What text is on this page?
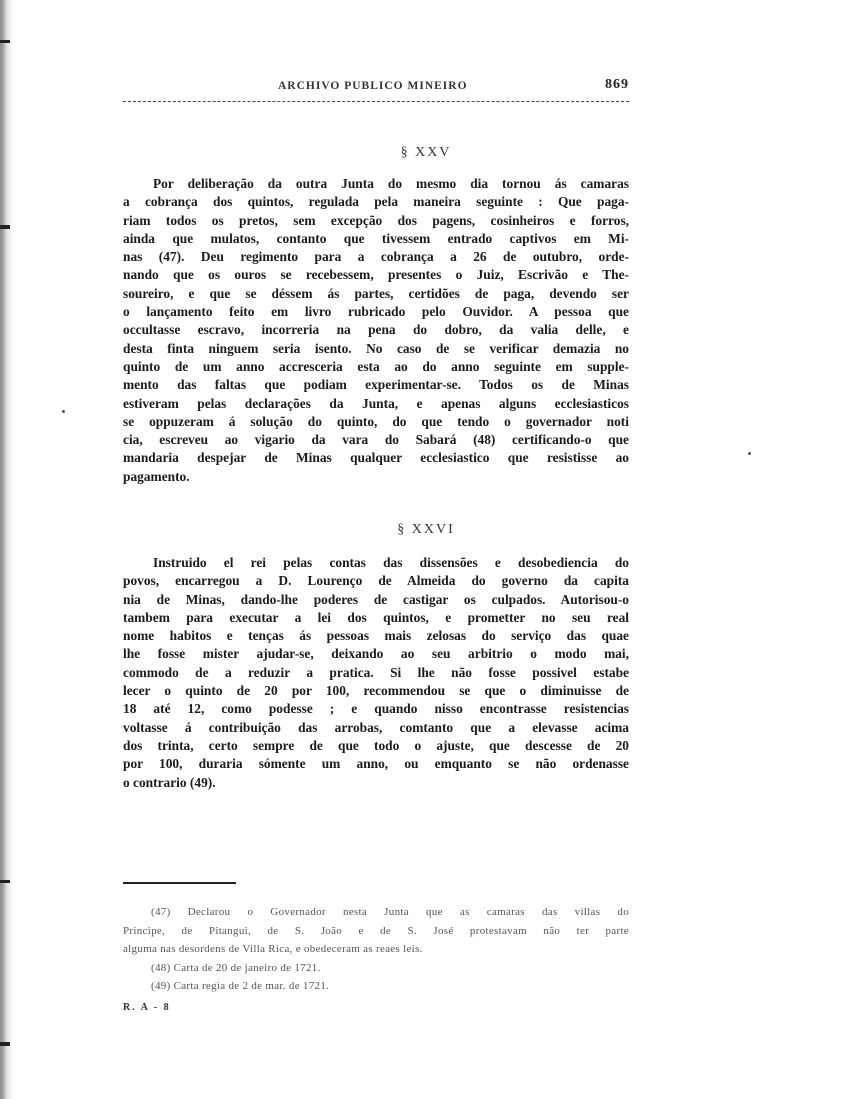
ARCHIVO PUBLICO MINEIRO	869
§ XXV
Por deliberação da outra Junta do mesmo dia tornou ás camaras
a cobrança dos quintos, regulada pela maneira seguinte : Que paga-
riam todos os pretos, sem excepção dos pagens, cosinheiros e forros,
ainda que mulatos, contanto que tivessem entrado captivos em Mi-
nas (47). Deu regimento para a cobrança a 26 de outubro, orde-
nando que os ouros se recebessem, presentes o Juiz, Escrivão e The-
soureiro, e que se déssem ás partes, certidões de paga, devendo ser
o lançamento feito em livro rubricado pelo Ouvidor. A pessoa que
occultasse escravo, incorreria na pena do dobro, da valia delle, e
desta finta ninguem seria isento. No caso de se verificar demazia no
quinto de um anno accresceria esta ao do anno seguinte em supple-
mento das faltas que podiam experimentar-se. Todos os de Minas
estiveram pelas declarações da Junta, e apenas alguns ecclesiasticos
se oppuzeram á solução do quinto, do que tendo o governador noti
cia, escreveu ao vigario da vara do Sabará (48) certificando-o que
mandaria despejar de Minas qualquer ecclesiastico que resistisse ao
pagamento.
§ XXVI
Instruido el rei pelas contas das dissensões e desobediencia do
povos, encarregou a D. Lourenço de Almeida do governo da capita
nia de Minas, dando-lhe poderes de castigar os culpados. Autorisou-o
tambem para executar a lei dos quintos, e prometter no seu real
nome habitos e tenças ás pessoas mais zelosas do serviço das quae
lhe fosse mister ajudar-se, deixando ao seu arbitrio o modo mai,
commodo de a reduzir a pratica. Si lhe não fosse possivel estabe
lecer o quinto de 20 por 100, recommendou se que o diminuisse de
18 até 12, como podesse ; e quando nisso encontrasse resistencias
voltasse á contribuição das arrobas, comtanto que a elevasse acima
dos trinta, certo sempre de que todo o ajuste, que descesse de 20
por 100, duraria sómente um anno, ou emquanto se não ordenasse
o contrario (49).
(47) Declarou o Governador nesta Junta que as camaras das villas do
Principe, de Pitangui, de S. João e de S. José protestavam não ter parte
alguma nas desordens de Villa Rica, e obedeceram as reaes leis.
(48) Carta de 20 de janeiro de 1721.
(49) Carta regia de 2 de mar. de 1721.
R. A - 8
